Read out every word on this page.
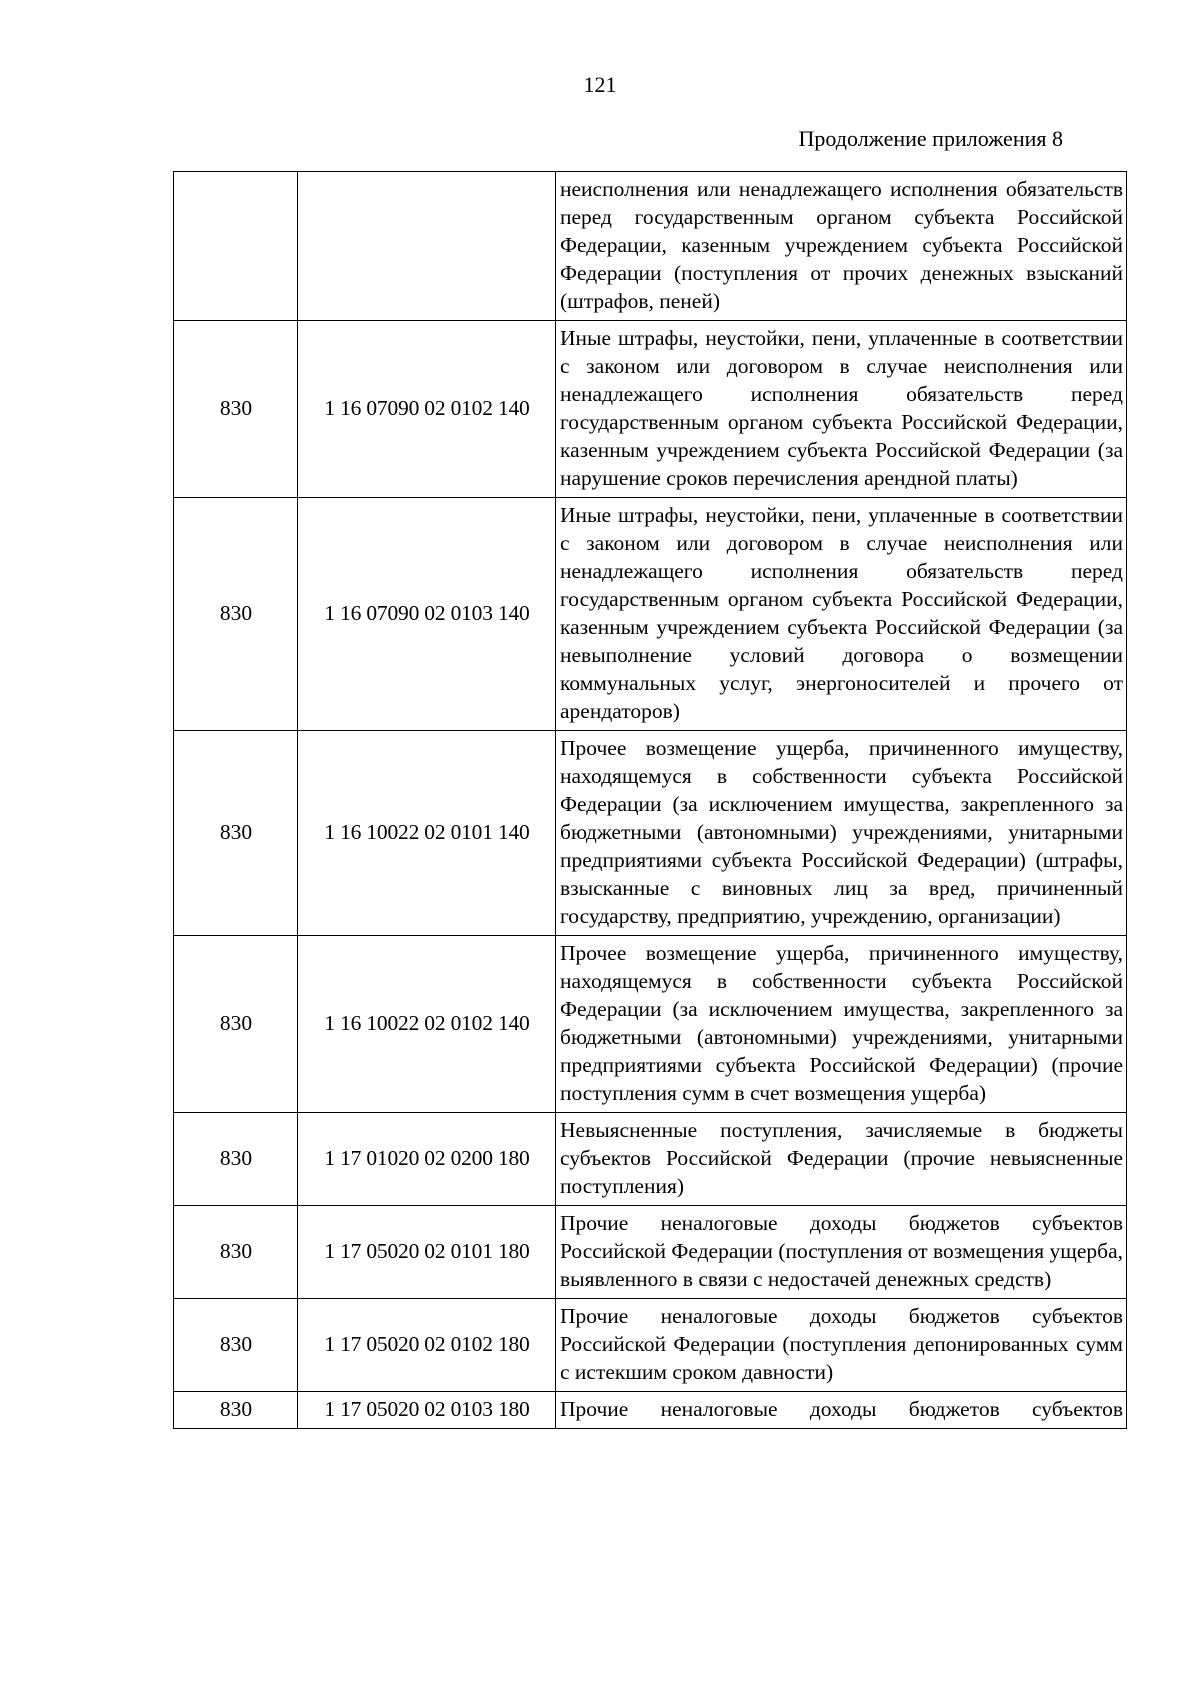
121
Продолжение приложения 8
		неисполнения или ненадлежащего исполнения обязательств перед государственным органом субъекта Российской Федерации, казенным учреждением субъекта Российской Федерации (поступления от прочих денежных взысканий (штрафов, пеней)
830	1 16 07090 02 0102 140	Иные штрафы, неустойки, пени, уплаченные в соответствии с законом или договором в случае неисполнения или ненадлежащего исполнения обязательств перед государственным органом субъекта Российской Федерации, казенным учреждением субъекта Российской Федерации (за нарушение сроков перечисления арендной платы)
830	1 16 07090 02 0103 140	Иные штрафы, неустойки, пени, уплаченные в соответствии с законом или договором в случае неисполнения или ненадлежащего исполнения обязательств перед государственным органом субъекта Российской Федерации, казенным учреждением субъекта Российской Федерации (за невыполнение условий договора о возмещении коммунальных услуг, энергоносителей и прочего от арендаторов)
830	1 16 10022 02 0101 140	Прочее возмещение ущерба, причиненного имуществу, находящемуся в собственности субъекта Российской Федерации (за исключением имущества, закрепленного за бюджетными (автономными) учреждениями, унитарными предприятиями субъекта Российской Федерации) (штрафы, взысканные с виновных лиц за вред, причиненный государству, предприятию, учреждению, организации)
830	1 16 10022 02 0102 140	Прочее возмещение ущерба, причиненного имуществу, находящемуся в собственности субъекта Российской Федерации (за исключением имущества, закрепленного за бюджетными (автономными) учреждениями, унитарными предприятиями субъекта Российской Федерации) (прочие поступления сумм в счет возмещения ущерба)
830	1 17 01020 02 0200 180	Невыясненные поступления, зачисляемые в бюджеты субъектов Российской Федерации (прочие невыясненные поступления)
830	1 17 05020 02 0101 180	Прочие неналоговые доходы бюджетов субъектов Российской Федерации (поступления от возмещения ущерба, выявленного в связи с недостачей денежных средств)
830	1 17 05020 02 0102 180	Прочие неналоговые доходы бюджетов субъектов Российской Федерации (поступления депонированных сумм с истекшим сроком давности)
830	1 17 05020 02 0103 180	Прочие неналоговые доходы бюджетов субъектов
